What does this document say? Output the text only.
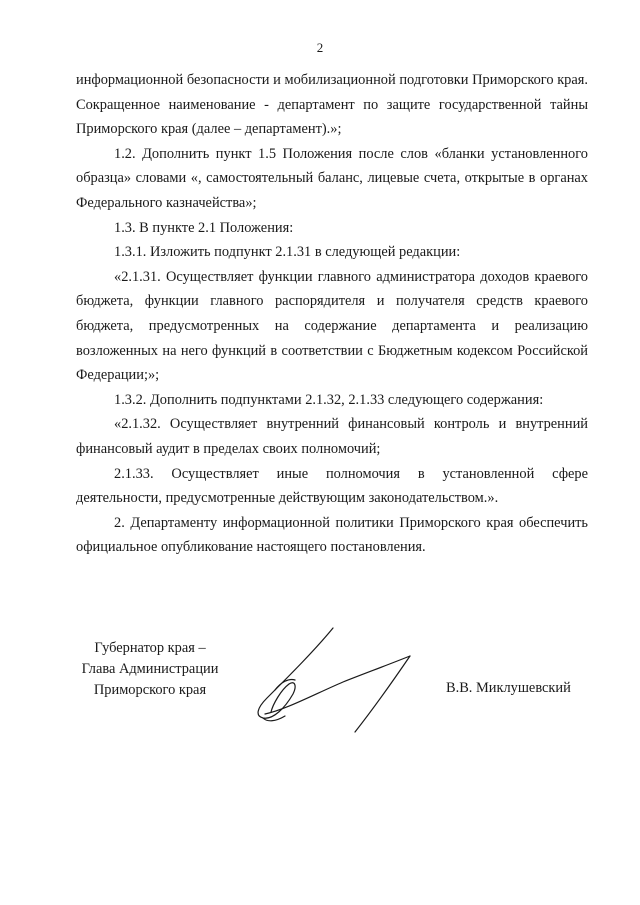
2

информационной безопасности и мобилизационной подготовки Приморского края. Сокращенное наименование - департамент по защите государственной тайны Приморского края (далее – департамент).»;

1.2. Дополнить пункт 1.5 Положения после слов «бланки установленного образца» словами «, самостоятельный баланс, лицевые счета, открытые в органах Федерального казначейства»;

1.3. В пункте 2.1 Положения:

1.3.1. Изложить подпункт 2.1.31 в следующей редакции:

«2.1.31. Осуществляет функции главного администратора доходов краевого бюджета, функции главного распорядителя и получателя средств краевого бюджета, предусмотренных на содержание департамента и реализацию возложенных на него функций в соответствии с Бюджетным кодексом Российской Федерации;»;

1.3.2. Дополнить подпунктами 2.1.32, 2.1.33 следующего содержания:

«2.1.32. Осуществляет внутренний финансовый контроль и внутренний финансовый аудит в пределах своих полномочий;

2.1.33. Осуществляет иные полномочия в установленной сфере деятельности, предусмотренные действующим законодательством.».

2. Департаменту информационной политики Приморского края обеспечить официальное опубликование настоящего постановления.

Губернатор края –
Глава Администрации
Приморского края	В.В. Миклушевский
